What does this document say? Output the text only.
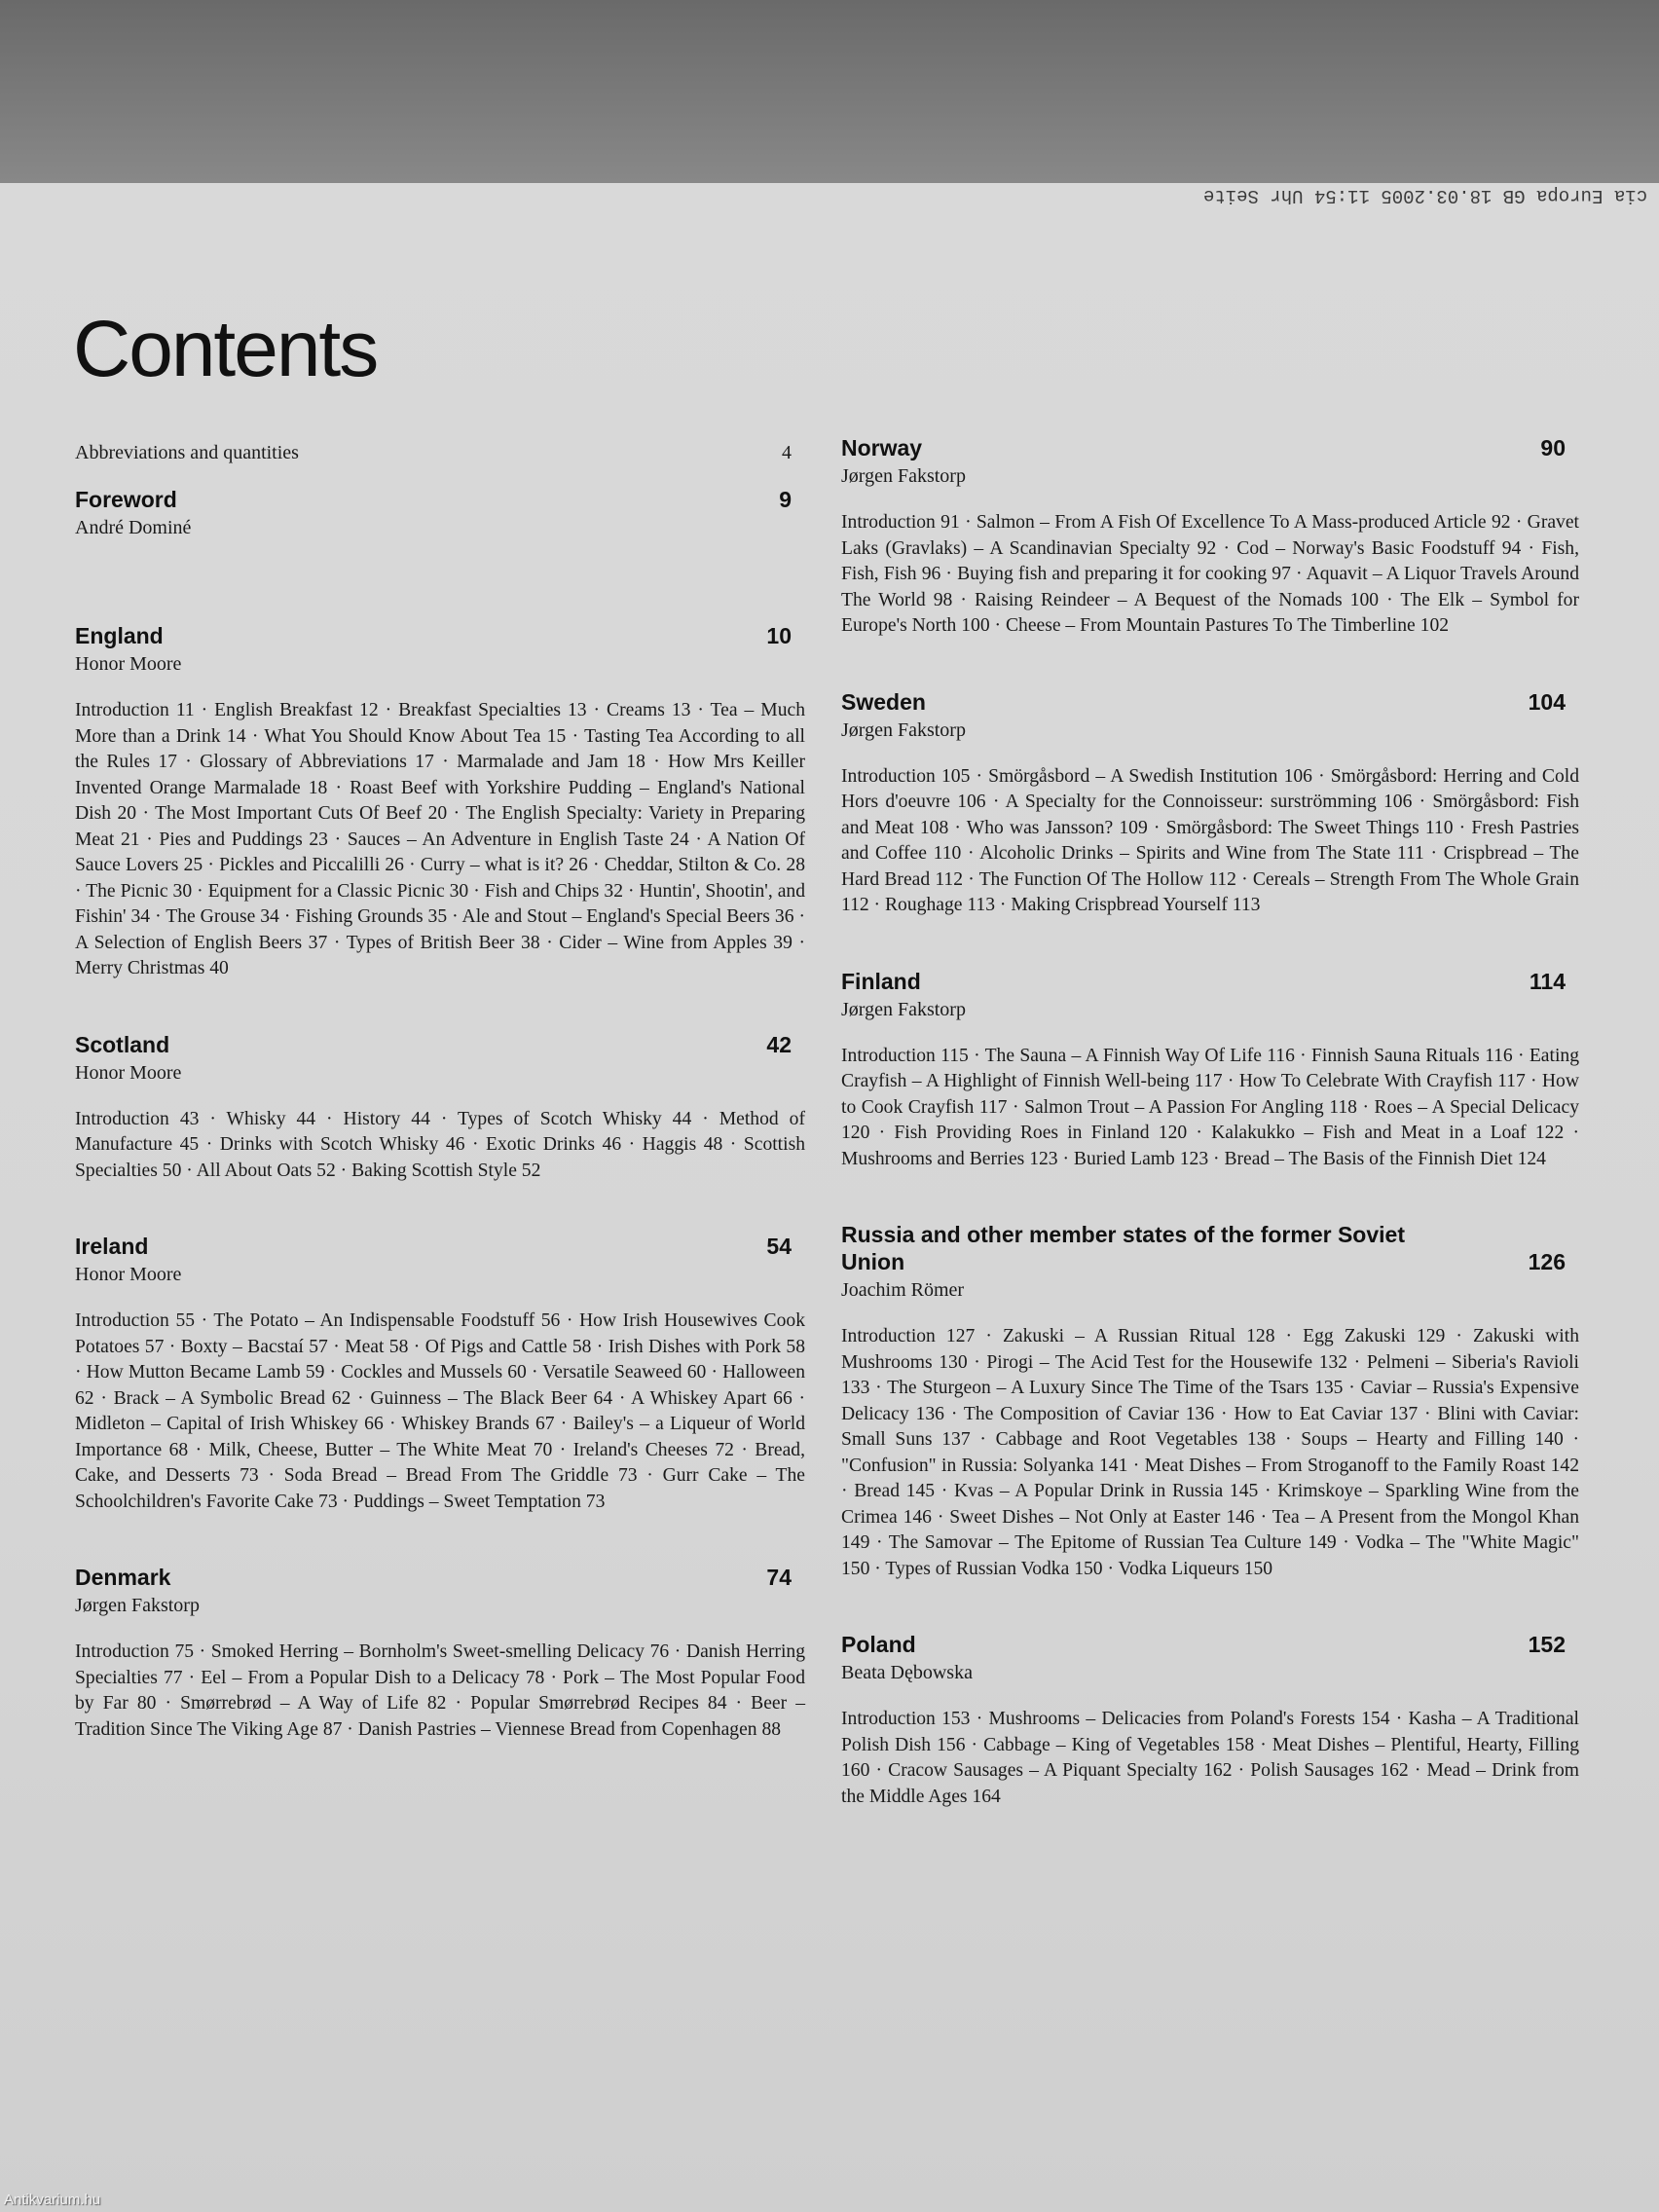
cia Europa GB 18.03.2005 11:54 Uhr Seite
Contents
Abbreviations and quantities	4
Foreword	9
André Dominé
England	10
Honor Moore
Introduction 11 · English Breakfast 12 · Breakfast Specialties 13 · Creams 13 · Tea – Much More than a Drink 14 · What You Should Know About Tea 15 · Tasting Tea According to all the Rules 17 · Glossary of Abbreviations 17 · Marmalade and Jam 18 · How Mrs Keiller Invented Orange Marmalade 18 · Roast Beef with Yorkshire Pudding – England's National Dish 20 · The Most Important Cuts Of Beef 20 · The English Specialty: Variety in Preparing Meat 21 · Pies and Puddings 23 · Sauces – An Adventure in English Taste 24 · A Nation Of Sauce Lovers 25 · Pickles and Piccalilli 26 · Curry – what is it? 26 · Cheddar, Stilton & Co. 28 · The Picnic 30 · Equipment for a Classic Picnic 30 · Fish and Chips 32 · Huntin', Shootin', and Fishin' 34 · The Grouse 34 · Fishing Grounds 35 · Ale and Stout – England's Special Beers 36 · A Selection of English Beers 37 · Types of British Beer 38 · Cider – Wine from Apples 39 · Merry Christmas 40
Scotland	42
Honor Moore
Introduction 43 · Whisky 44 · History 44 · Types of Scotch Whisky 44 · Method of Manufacture 45 · Drinks with Scotch Whisky 46 · Exotic Drinks 46 · Haggis 48 · Scottish Specialties 50 · All About Oats 52 · Baking Scottish Style 52
Ireland	54
Honor Moore
Introduction 55 · The Potato – An Indispensable Foodstuff 56 · How Irish Housewives Cook Potatoes 57 · Boxty – Bacstaí 57 · Meat 58 · Of Pigs and Cattle 58 · Irish Dishes with Pork 58 · How Mutton Became Lamb 59 · Cockles and Mussels 60 · Versatile Seaweed 60 · Halloween 62 · Brack – A Symbolic Bread 62 · Guinness – The Black Beer 64 · A Whiskey Apart 66 · Midleton – Capital of Irish Whiskey 66 · Whiskey Brands 67 · Bailey's – a Liqueur of World Importance 68 · Milk, Cheese, Butter – The White Meat 70 · Ireland's Cheeses 72 · Bread, Cake, and Desserts 73 · Soda Bread – Bread From The Griddle 73 · Gurr Cake – The Schoolchildren's Favorite Cake 73 · Puddings – Sweet Temptation 73
Denmark	74
Jørgen Fakstorp
Introduction 75 · Smoked Herring – Bornholm's Sweet-smelling Delicacy 76 · Danish Herring Specialties 77 · Eel – From a Popular Dish to a Delicacy 78 · Pork – The Most Popular Food by Far 80 · Smørrebrød – A Way of Life 82 · Popular Smørrebrød Recipes 84 · Beer – Tradition Since The Viking Age 87 · Danish Pastries – Viennese Bread from Copenhagen 88
Norway	90
Jørgen Fakstorp
Introduction 91 · Salmon – From A Fish Of Excellence To A Mass-produced Article 92 · Gravet Laks (Gravlaks) – A Scandinavian Specialty 92 · Cod – Norway's Basic Foodstuff 94 · Fish, Fish, Fish 96 · Buying fish and preparing it for cooking 97 · Aquavit – A Liquor Travels Around The World 98 · Raising Reindeer – A Bequest of the Nomads 100 · The Elk – Symbol for Europe's North 100 · Cheese – From Mountain Pastures To The Timberline 102
Sweden	104
Jørgen Fakstorp
Introduction 105 · Smörgåsbord – A Swedish Institution 106 · Smörgåsbord: Herring and Cold Hors d'oeuvre 106 · A Specialty for the Connoisseur: surströmming 106 · Smörgåsbord: Fish and Meat 108 · Who was Jansson? 109 · Smörgåsbord: The Sweet Things 110 · Fresh Pastries and Coffee 110 · Alcoholic Drinks – Spirits and Wine from The State 111 · Crispbread – The Hard Bread 112 · The Function Of The Hollow 112 · Cereals – Strength From The Whole Grain 112 · Roughage 113 · Making Crispbread Yourself 113
Finland	114
Jørgen Fakstorp
Introduction 115 · The Sauna – A Finnish Way Of Life 116 · Finnish Sauna Rituals 116 · Eating Crayfish – A Highlight of Finnish Well-being 117 · How To Celebrate With Crayfish 117 · How to Cook Crayfish 117 · Salmon Trout – A Passion For Angling 118 · Roes – A Special Delicacy 120 · Fish Providing Roes in Finland 120 · Kalakukko – Fish and Meat in a Loaf 122 · Mushrooms and Berries 123 · Buried Lamb 123 · Bread – The Basis of the Finnish Diet 124
Russia and other member states of the former Soviet Union	126
Joachim Römer
Introduction 127 · Zakuski – A Russian Ritual 128 · Egg Zakuski 129 · Zakuski with Mushrooms 130 · Pirogi – The Acid Test for the Housewife 132 · Pelmeni – Siberia's Ravioli 133 · The Sturgeon – A Luxury Since The Time of the Tsars 135 · Caviar – Russia's Expensive Delicacy 136 · The Composition of Caviar 136 · How to Eat Caviar 137 · Blini with Caviar: Small Suns 137 · Cabbage and Root Vegetables 138 · Soups – Hearty and Filling 140 · "Confusion" in Russia: Solyanka 141 · Meat Dishes – From Stroganoff to the Family Roast 142 · Bread 145 · Kvas – A Popular Drink in Russia 145 · Krimskoye – Sparkling Wine from the Crimea 146 · Sweet Dishes – Not Only at Easter 146 · Tea – A Present from the Mongol Khan 149 · The Samovar – The Epitome of Russian Tea Culture 149 · Vodka – The "White Magic" 150 · Types of Russian Vodka 150 · Vodka Liqueurs 150
Poland	152
Beata Dębowska
Introduction 153 · Mushrooms – Delicacies from Poland's Forests 154 · Kasha – A Traditional Polish Dish 156 · Cabbage – King of Vegetables 158 · Meat Dishes – Plentiful, Hearty, Filling 160 · Cracow Sausages – A Piquant Specialty 162 · Polish Sausages 162 · Mead – Drink from the Middle Ages 164
Antikvarium.hu
